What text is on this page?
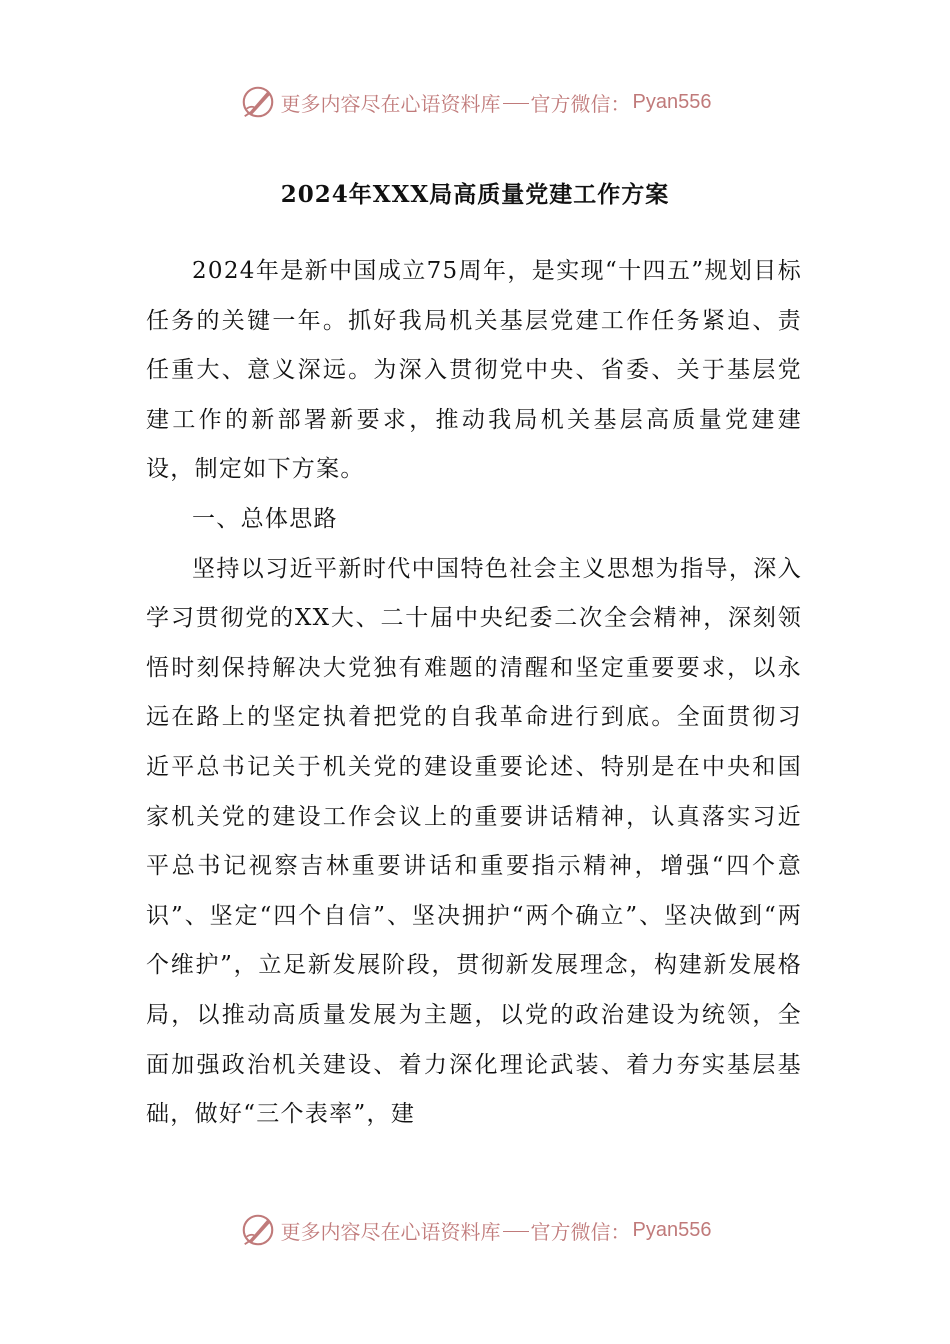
更多内容尽在心语资料库 官方微信： Pyan556
2024年XXX局高质量党建工作方案

2024年是新中国成立75周年，是实现“十四五”规划目标任务的关键一年。抓好我局机关基层党建工作任务紧迫、责任重大、意义深远。为深入贯彻党中央、省委、关于基层党建工作的新部署新要求，推动我局机关基层高质量党建建设，制定如下方案。

一、总体思路

坚持以习近平新时代中国特色社会主义思想为指导，深入学习贯彻党的XX大、二十届中央纪委二次全会精神，深刻领悟时刻保持解决大党独有难题的清醒和坚定重要要求，以永远在路上的坚定执着把党的自我革命进行到底。全面贯彻习近平总书记关于机关党的建设重要论述、特别是在中央和国家机关党的建设工作会议上的重要讲话精神，认真落实习近平总书记视察吉林重要讲话和重要指示精神，增强“四个意识”、坚定“四个自信”、坚决拥护“两个确立”、坚决做到“两个维护”，立足新发展阶段，贯彻新发展理念，构建新发展格局，以推动高质量发展为主题，以党的政治建设为统领，全面加强政治机关建设、着力深化理论武装、着力夯实基层基础，做好“三个表率”，建

更多内容尽在心语资料库 官方微信： Pyan556
